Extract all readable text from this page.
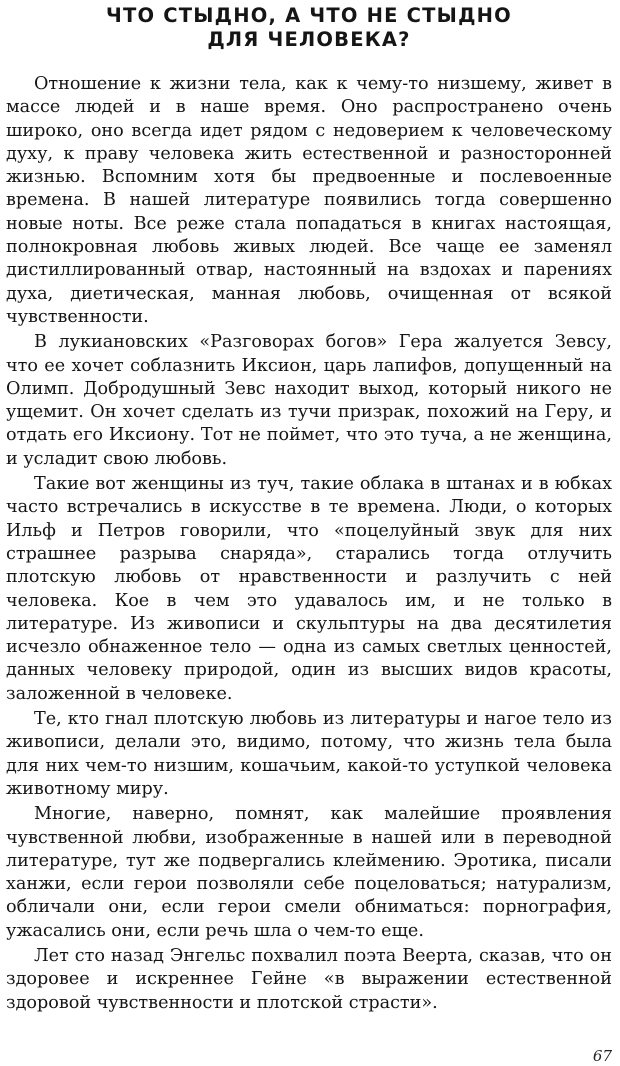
ЧТО СТЫДНО, А ЧТО НЕ СТЫДНО
ДЛЯ ЧЕЛОВЕКА?

Отношение к жизни тела, как к чему-то низшему, живет в массе людей и в наше время. Оно распространено очень широко, оно всегда идет рядом с недоверием к человеческому духу, к праву человека жить естественной и разносторонней жизнью. Вспомним хотя бы предвоенные и послевоенные времена. В нашей литературе появились тогда совершенно новые ноты. Все реже стала попадаться в книгах настоящая, полнокровная любовь живых людей. Все чаще ее заменял дистиллированный отвар, настоянный на вздохах и парениях духа, диетическая, манная любовь, очищенная от всякой чувственности.

В лукиановских «Разговорах богов» Гера жалуется Зевсу, что ее хочет соблазнить Иксион, царь лапифов, допущенный на Олимп. Добродушный Зевс находит выход, который никого не ущемит. Он хочет сделать из тучи призрак, похожий на Геру, и отдать его Иксиону. Тот не поймет, что это туча, а не женщина, и усладит свою любовь.

Такие вот женщины из туч, такие облака в штанах и в юбках часто встречались в искусстве в те времена. Люди, о которых Ильф и Петров говорили, что «поцелуйный звук для них страшнее разрыва снаряда», старались тогда отлучить плотскую любовь от нравственности и разлучить с ней человека. Кое в чем это удавалось им, и не только в литературе. Из живописи и скульптуры на два десятилетия исчезло обнаженное тело — одна из самых светлых ценностей, данных человеку природой, один из высших видов красоты, заложенной в человеке.

Те, кто гнал плотскую любовь из литературы и нагое тело из живописи, делали это, видимо, потому, что жизнь тела была для них чем-то низшим, кошачьим, какой-то уступкой человека животному миру.

Многие, наверно, помнят, как малейшие проявления чувственной любви, изображенные в нашей или в переводной литературе, тут же подвергались клеймению. Эротика, писали ханжи, если герои позволяли себе поцеловаться; натурализм, обличали они, если герои смели обниматься: порнография, ужасались они, если речь шла о чем-то еще.

Лет сто назад Энгельс похвалил поэта Веерта, сказав, что он здоровее и искреннее Гейне «в выражении естественной здоровой чувственности и плотской страсти».

67
